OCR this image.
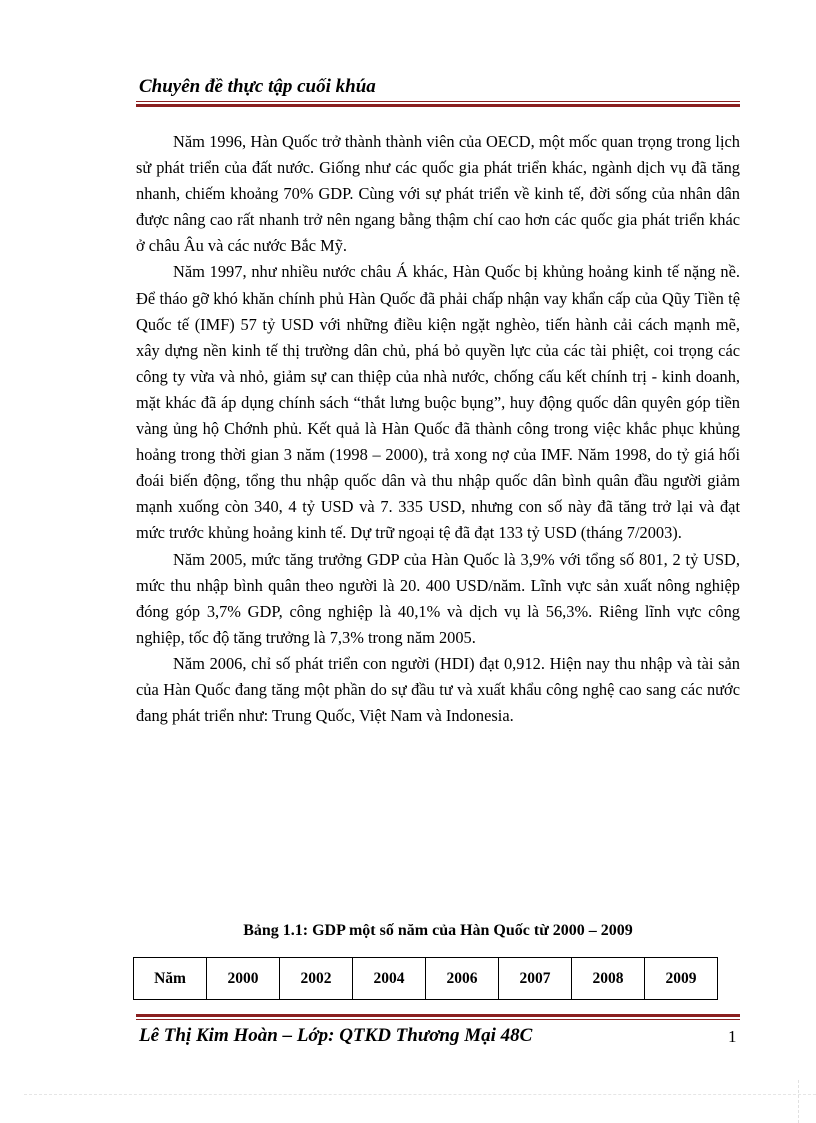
Chuyên đề thực tập cuối khúa

Năm 1996, Hàn Quốc trở thành thành viên của OECD, một mốc quan trọng trong lịch sử phát triển của đất nước. Giống như các quốc gia phát triển khác, ngành dịch vụ đã tăng nhanh, chiếm khoảng 70% GDP. Cùng với sự phát triển về kinh tế, đời sống của nhân dân được nâng cao rất nhanh trở nên ngang bằng thậm chí cao hơn các quốc gia phát triển khác ở châu Âu và các nước Bắc Mỹ.

Năm 1997, như nhiều nước châu Á khác, Hàn Quốc bị khủng hoảng kinh tế nặng nề. Để tháo gỡ khó khăn chính phủ Hàn Quốc đã phải chấp nhận vay khẩn cấp của Qũy Tiền tệ Quốc tế (IMF) 57 tỷ USD với những điều kiện ngặt nghèo, tiến hành cải cách mạnh mẽ, xây dựng nền kinh tế thị trường dân chủ, phá bỏ quyền lực của các tài phiệt, coi trọng các công ty vừa và nhỏ, giảm sự can thiệp của nhà nước, chống cấu kết chính trị - kinh doanh, mặt khác đã áp dụng chính sách “thắt lưng buộc bụng”, huy động quốc dân quyên góp tiền vàng ủng hộ Chớnh phủ. Kết quả là Hàn Quốc đã thành công trong việc khắc phục khủng hoảng trong thời gian 3 năm (1998 – 2000), trả xong nợ của IMF. Năm 1998, do tỷ giá hối đoái biến động, tổng thu nhập quốc dân và thu nhập quốc dân bình quân đầu người giảm mạnh xuống còn 340, 4 tỷ USD và 7. 335 USD, nhưng con số này đã tăng trở lại và đạt mức trước khủng hoảng kinh tế. Dự trữ ngoại tệ đã đạt 133 tỷ USD (tháng 7/2003).

Năm 2005, mức tăng trưởng GDP của Hàn Quốc là 3,9% với tổng số 801, 2 tỷ USD, mức thu nhập bình quân theo người là 20. 400 USD/năm. Lĩnh vực sản xuất nông nghiệp đóng góp 3,7% GDP, công nghiệp là 40,1% và dịch vụ là 56,3%. Riêng lĩnh vực công nghiệp, tốc độ tăng trưởng là 7,3% trong năm 2005.

Năm 2006, chỉ số phát triển con người (HDI) đạt 0,912. Hiện nay thu nhập và tài sản của Hàn Quốc đang tăng một phần do sự đầu tư và xuất khẩu công nghệ cao sang các nước đang phát triển như: Trung Quốc, Việt Nam và Indonesia.

Bảng 1.1: GDP một số năm của Hàn Quốc từ 2000 – 2009
Năm	2000	2002	2004	2006	2007	2008	2009
Lê Thị Kim Hoàn – Lớp: QTKD Thương Mại 48C	1
